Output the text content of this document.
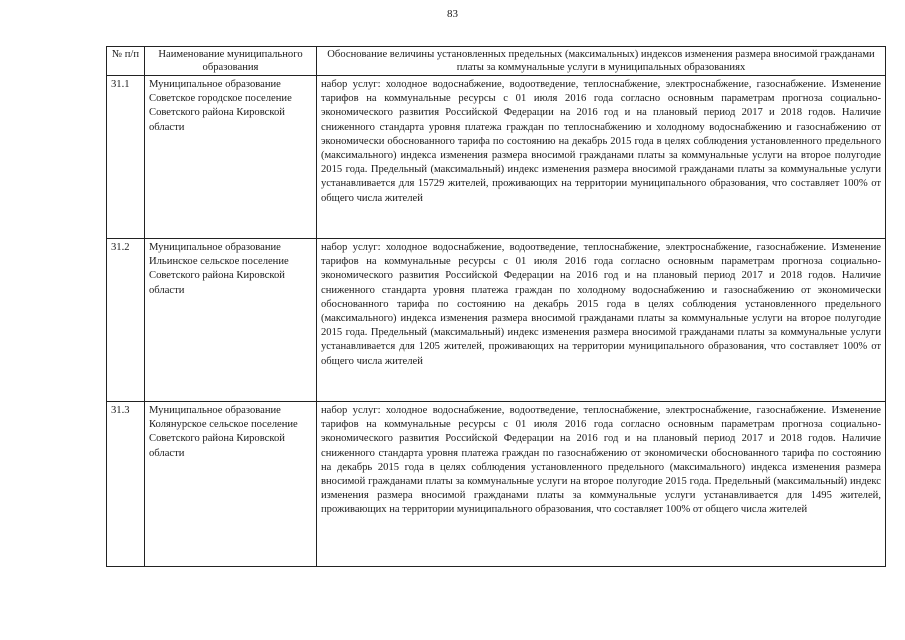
83
№ п/п	Наименование муниципального образования	Обоснование величины установленных предельных (максимальных) индексов изменения размера вносимой гражданами платы за коммунальные услуги в муниципальных образованиях
31.1	Муниципальное образование Советское городское поселение Советского района Кировской области	набор услуг: холодное водоснабжение, водоотведение, теплоснабжение, электроснабжение, газоснабжение. Изменение тарифов на коммунальные ресурсы с 01 июля 2016 года согласно основным параметрам прогноза социально-экономического развития Российской Федерации на 2016 год и на плановый период 2017 и 2018 годов. Наличие сниженного стандарта уровня платежа граждан по теплоснабжению и холодному водоснабжению и газоснабжению от экономически обоснованного тарифа по состоянию на декабрь 2015 года в целях соблюдения установленного предельного (максимального) индекса изменения размера вносимой гражданами платы за коммунальные услуги на второе полугодие 2015 года. Предельный (максимальный) индекс изменения размера вносимой гражданами платы за коммунальные услуги устанавливается для 15729 жителей, проживающих на территории муниципального образования, что составляет 100% от общего числа жителей
31.2	Муниципальное образование Ильинское сельское поселение Советского района Кировской области	набор услуг: холодное водоснабжение, водоотведение, теплоснабжение, электроснабжение, газоснабжение. Изменение тарифов на коммунальные ресурсы с 01 июля 2016 года согласно основным параметрам прогноза социально-экономического развития Российской Федерации на 2016 год и на плановый период 2017 и 2018 годов. Наличие сниженного стандарта уровня платежа граждан по холодному водоснабжению и газоснабжению от экономически обоснованного тарифа по состоянию на декабрь 2015 года в целях соблюдения установленного предельного (максимального) индекса изменения размера вносимой гражданами платы за коммунальные услуги на второе полугодие 2015 года. Предельный (максимальный) индекс изменения размера вносимой гражданами платы за коммунальные услуги устанавливается для 1205 жителей, проживающих на территории муниципального образования, что составляет 100% от общего числа жителей
31.3	Муниципальное образование Колянурское сельское поселение Советского района Кировской области	набор услуг: холодное водоснабжение, водоотведение, теплоснабжение, электроснабжение, газоснабжение. Изменение тарифов на коммунальные ресурсы с 01 июля 2016 года согласно основным параметрам прогноза социально-экономического развития Российской Федерации на 2016 год и на плановый период 2017 и 2018 годов. Наличие сниженного стандарта уровня платежа граждан по газоснабжению от экономически обоснованного тарифа по состоянию на декабрь 2015 года в целях соблюдения установленного предельного (максимального) индекса изменения размера вносимой гражданами платы за коммунальные услуги на второе полугодие 2015 года. Предельный (максимальный) индекс изменения размера вносимой гражданами платы за коммунальные услуги устанавливается для 1495 жителей, проживающих на территории муниципального образования, что составляет 100% от общего числа жителей
